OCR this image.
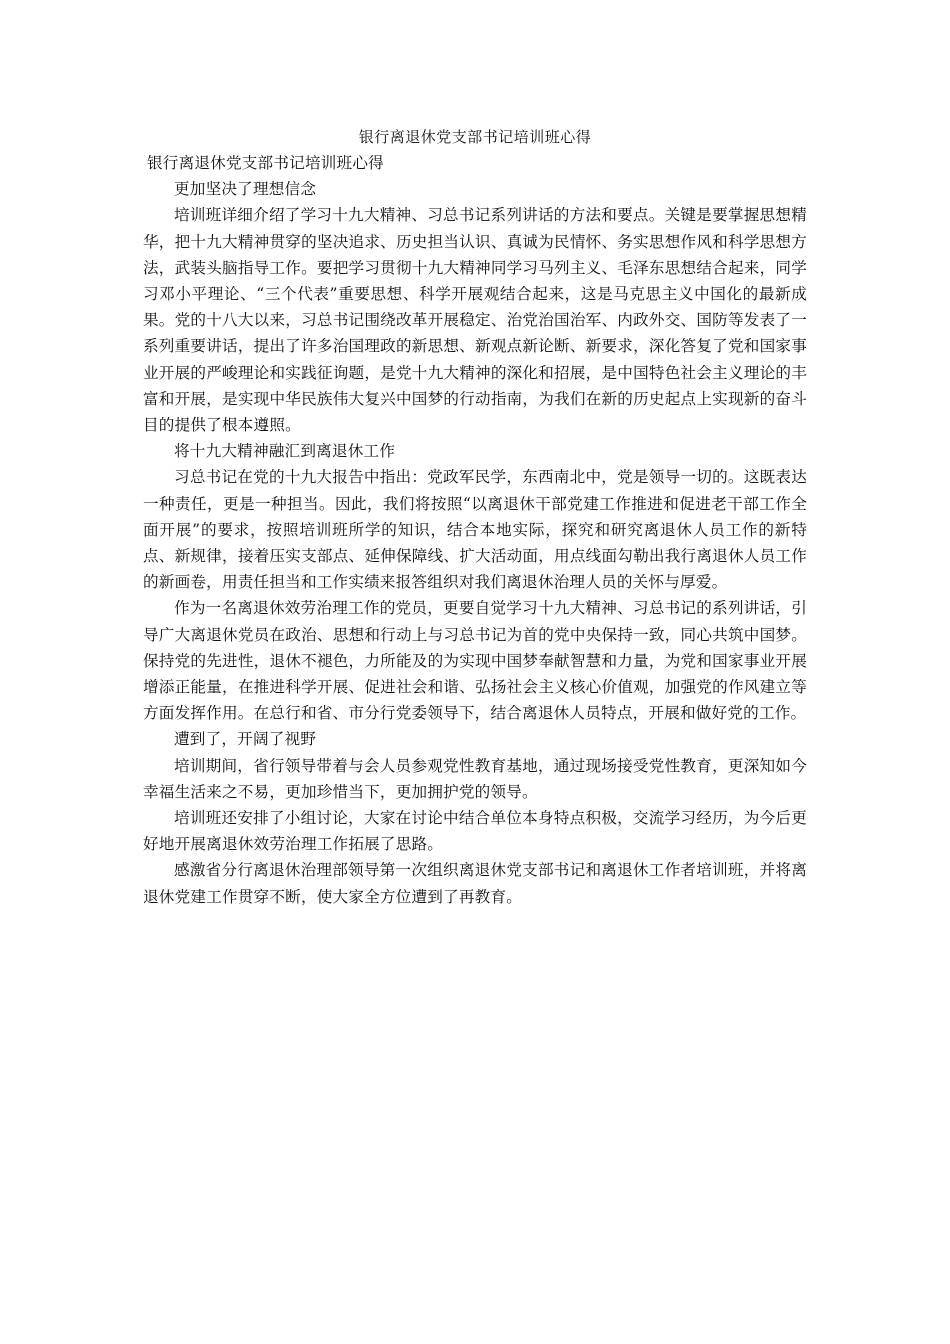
银行离退休党支部书记培训班心得

银行离退休党支部书记培训班心得

更加坚决了理想信念

培训班详细介绍了学习十九大精神、习总书记系列讲话的方法和要点。关键是要掌握思想精华，把十九大精神贯穿的坚决追求、历史担当认识、真诚为民情怀、务实思想作风和科学思想方法，武装头脑指导工作。要把学习贯彻十九大精神同学习马列主义、毛泽东思想结合起来，同学习邓小平理论、“三个代表”重要思想、科学开展观结合起来，这是马克思主义中国化的最新成果。党的十八大以来，习总书记围绕改革开展稳定、治党治国治军、内政外交、国防等发表了一系列重要讲话，提出了许多治国理政的新思想、新观点新论断、新要求，深化答复了党和国家事业开展的严峻理论和实践征询题，是党十九大精神的深化和招展，是中国特色社会主义理论的丰富和开展，是实现中华民族伟大复兴中国梦的行动指南，为我们在新的历史起点上实现新的奋斗目的提供了根本遵照。

将十九大精神融汇到离退休工作

习总书记在党的十九大报告中指出：党政军民学，东西南北中，党是领导一切的。这既表达一种责任，更是一种担当。因此，我们将按照“以离退休干部党建工作推进和促进老干部工作全面开展”的要求，按照培训班所学的知识，结合本地实际，探究和研究离退休人员工作的新特点、新规律，接着压实支部点、延伸保障线、扩大活动面，用点线面勾勒出我行离退休人员工作的新画卷，用责任担当和工作实绩来报答组织对我们离退休治理人员的关怀与厚爱。

作为一名离退休效劳治理工作的党员，更要自觉学习十九大精神、习总书记的系列讲话，引导广大离退休党员在政治、思想和行动上与习总书记为首的党中央保持一致，同心共筑中国梦。保持党的先进性，退休不褪色，力所能及的为实现中国梦奉献智慧和力量，为党和国家事业开展增添正能量，在推进科学开展、促进社会和谐、弘扬社会主义核心价值观，加强党的作风建立等方面发挥作用。在总行和省、市分行党委领导下，结合离退休人员特点，开展和做好党的工作。

遭到了，开阔了视野

培训期间，省行领导带着与会人员参观党性教育基地，通过现场接受党性教育，更深知如今幸福生活来之不易，更加珍惜当下，更加拥护党的领导。

培训班还安排了小组讨论，大家在讨论中结合单位本身特点积极，交流学习经历，为今后更好地开展离退休效劳治理工作拓展了思路。

感激省分行离退休治理部领导第一次组织离退休党支部书记和离退休工作者培训班，并将离退休党建工作贯穿不断，使大家全方位遭到了再教育。
